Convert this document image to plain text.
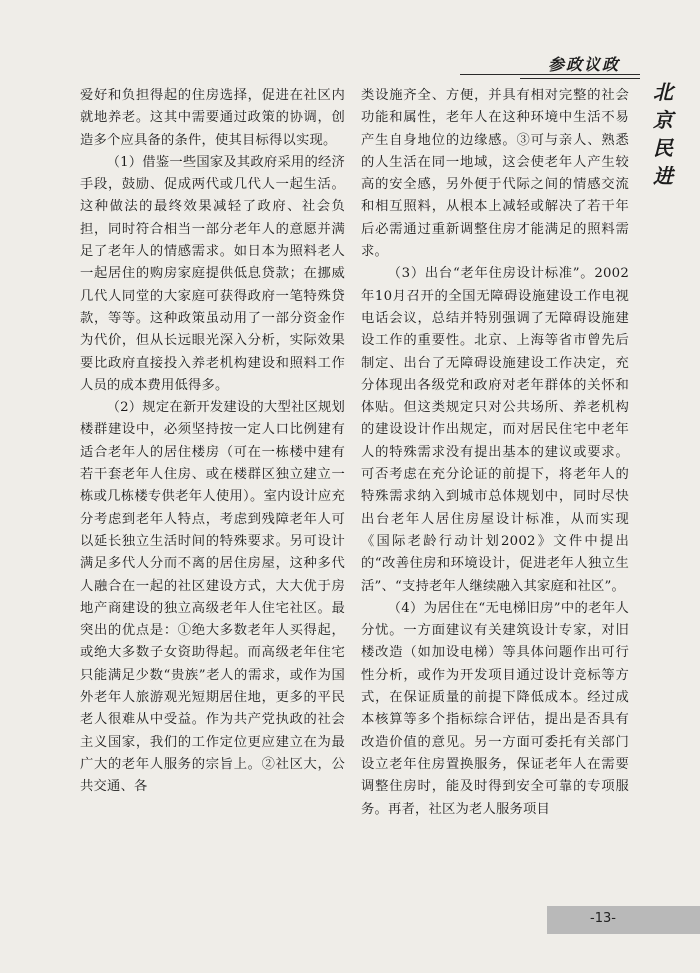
参政议政
北
京
民
进

爱好和负担得起的住房选择，促进在社区内就地养老。这其中需要通过政策的协调，创造多个应具备的条件，使其目标得以实现。

（1）借鉴一些国家及其政府采用的经济手段，鼓励、促成两代或几代人一起生活。这种做法的最终效果减轻了政府、社会负担，同时符合相当一部分老年人的意愿并满足了老年人的情感需求。如日本为照料老人一起居住的购房家庭提供低息贷款；在挪威几代人同堂的大家庭可获得政府一笔特殊贷款，等等。这种政策虽动用了一部分资金作为代价，但从长远眼光深入分析，实际效果要比政府直接投入养老机构建设和照料工作人员的成本费用低得多。

（2）规定在新开发建设的大型社区规划楼群建设中，必须坚持按一定人口比例建有适合老年人的居住楼房（可在一栋楼中建有若干套老年人住房、或在楼群区独立建立一栋或几栋楼专供老年人使用）。室内设计应充分考虑到老年人特点，考虑到残障老年人可以延长独立生活时间的特殊要求。另可设计满足多代人分而不离的居住房屋，这种多代人融合在一起的社区建设方式，大大优于房地产商建设的独立高级老年人住宅社区。最突出的优点是：①绝大多数老年人买得起，或绝大多数子女资助得起。而高级老年住宅只能满足少数“贵族”老人的需求，或作为国外老年人旅游观光短期居住地，更多的平民老人很难从中受益。作为共产党执政的社会主义国家，我们的工作定位更应建立在为最广大的老年人服务的宗旨上。②社区大，公共交通、各

类设施齐全、方便，并具有相对完整的社会功能和属性，老年人在这种环境中生活不易产生自身地位的边缘感。③可与亲人、熟悉的人生活在同一地域，这会使老年人产生较高的安全感，另外便于代际之间的情感交流和相互照料，从根本上减轻或解决了若干年后必需通过重新调整住房才能满足的照料需求。

（3）出台“老年住房设计标准”。2002年10月召开的全国无障碍设施建设工作电视电话会议，总结并特别强调了无障碍设施建设工作的重要性。北京、上海等省市曾先后制定、出台了无障碍设施建设工作决定，充分体现出各级党和政府对老年群体的关怀和体贴。但这类规定只对公共场所、养老机构的建设设计作出规定，而对居民住宅中老年人的特殊需求没有提出基本的建议或要求。可否考虑在充分论证的前提下，将老年人的特殊需求纳入到城市总体规划中，同时尽快出台老年人居住房屋设计标准，从而实现《国际老龄行动计划2002》文件中提出的“改善住房和环境设计，促进老年人独立生活”、“支持老年人继续融入其家庭和社区”。

（4）为居住在“无电梯旧房”中的老年人分忧。一方面建议有关建筑设计专家，对旧楼改造（如加设电梯）等具体问题作出可行性分析，或作为开发项目通过设计竞标等方式，在保证质量的前提下降低成本。经过成本核算等多个指标综合评估，提出是否具有改造价值的意见。另一方面可委托有关部门设立老年住房置换服务，保证老年人在需要调整住房时，能及时得到安全可靠的专项服务。再者，社区为老人服务项目

-13-
